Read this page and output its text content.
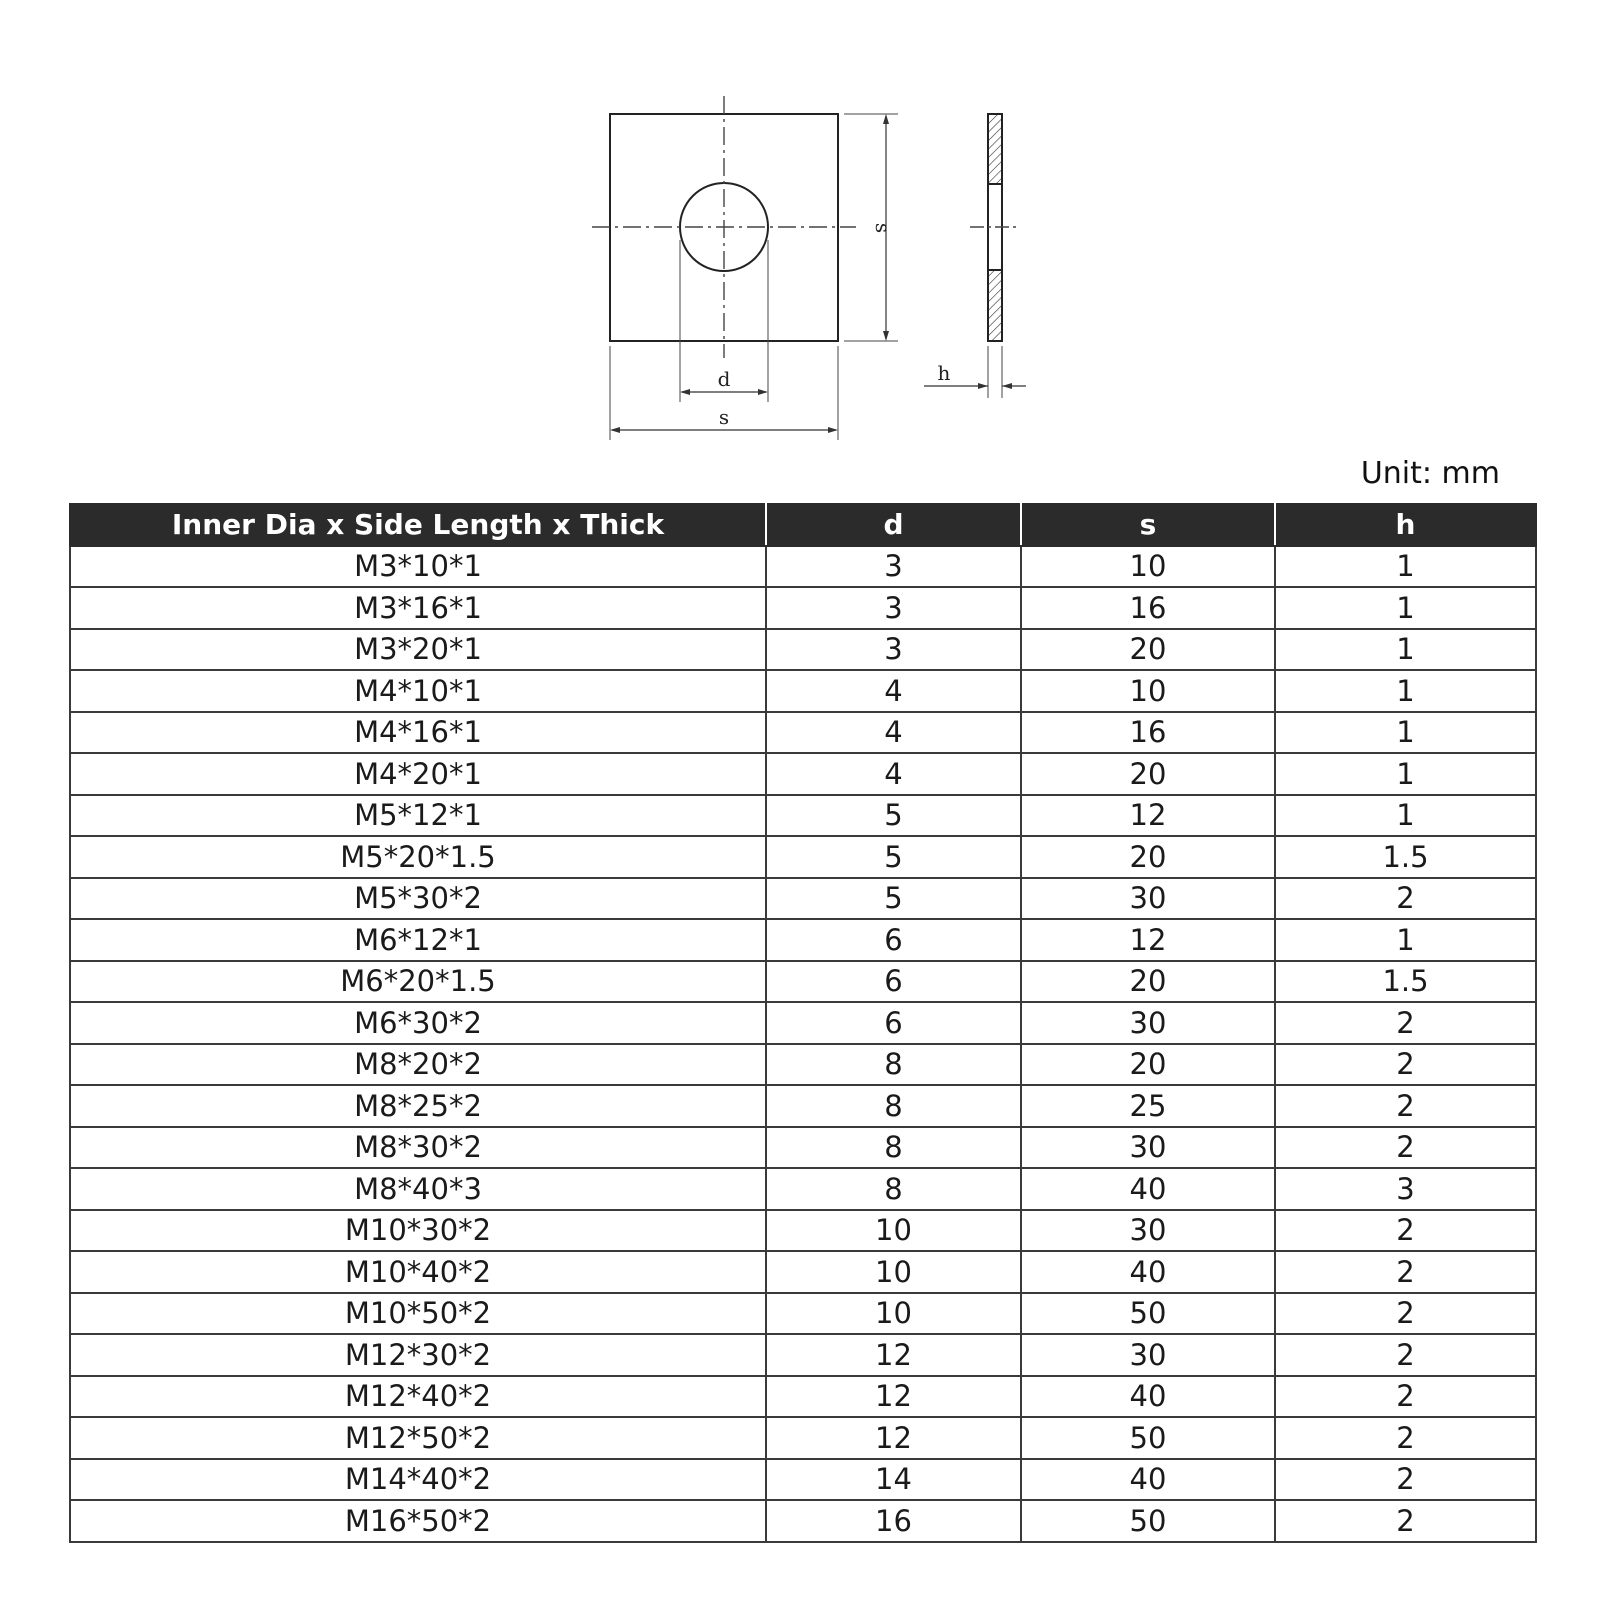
d
s
s
h
Unit: mm
Inner Dia x Side Length x Thick	d	s	h
M3*10*1	3	10	1
M3*16*1	3	16	1
M3*20*1	3	20	1
M4*10*1	4	10	1
M4*16*1	4	16	1
M4*20*1	4	20	1
M5*12*1	5	12	1
M5*20*1.5	5	20	1.5
M5*30*2	5	30	2
M6*12*1	6	12	1
M6*20*1.5	6	20	1.5
M6*30*2	6	30	2
M8*20*2	8	20	2
M8*25*2	8	25	2
M8*30*2	8	30	2
M8*40*3	8	40	3
M10*30*2	10	30	2
M10*40*2	10	40	2
M10*50*2	10	50	2
M12*30*2	12	30	2
M12*40*2	12	40	2
M12*50*2	12	50	2
M14*40*2	14	40	2
M16*50*2	16	50	2
